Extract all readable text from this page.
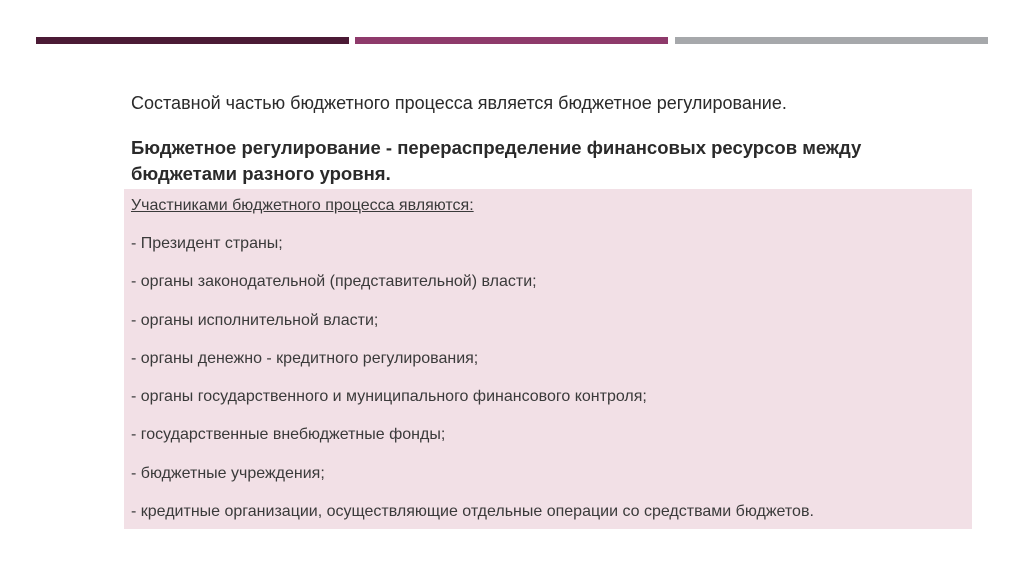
Составной частью бюджетного процесса является бюджетное регулирование.
Бюджетное регулирование - перераспределение финансовых ресурсов между бюджетами разного уровня.
Участниками бюджетного процесса являются:
- Президент страны;
- органы законодательной (представительной) власти;
- органы исполнительной власти;
- органы денежно - кредитного регулирования;
- органы государственного и муниципального финансового контроля;
- государственные внебюджетные фонды;
- бюджетные учреждения;
- кредитные организации, осуществляющие отдельные операции со средствами бюджетов.
